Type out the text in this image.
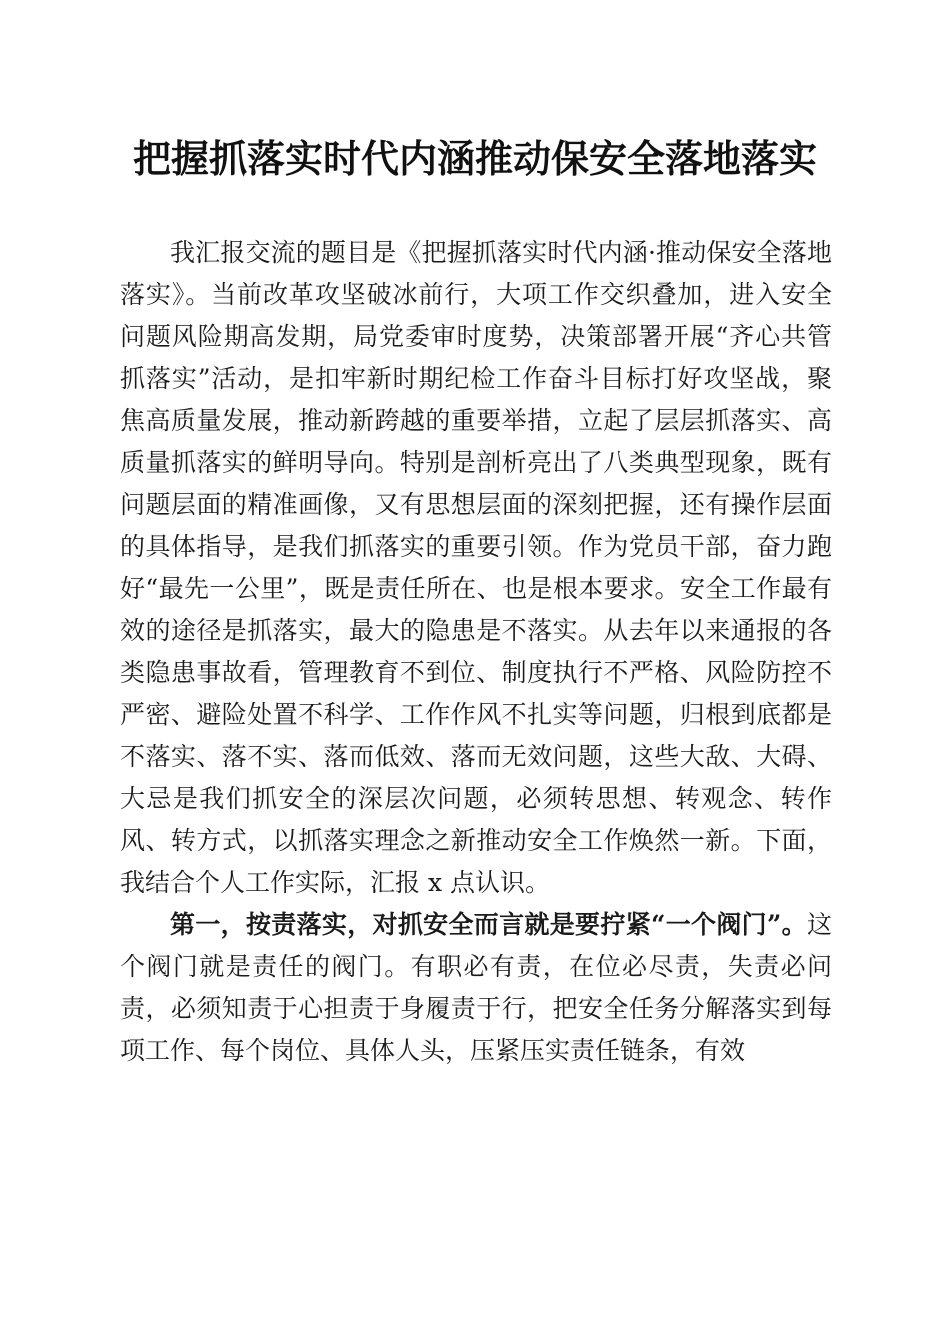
把握抓落实时代内涵推动保安全落地落实

我汇报交流的题目是《把握抓落实时代内涵·推动保安全落地落实》。当前改革攻坚破冰前行，大项工作交织叠加，进入安全问题风险期高发期，局党委审时度势，决策部署开展“齐心共管抓落实”活动，是扣牢新时期纪检工作奋斗目标打好攻坚战，聚焦高质量发展，推动新跨越的重要举措，立起了层层抓落实、高质量抓落实的鲜明导向。特别是剖析亮出了八类典型现象，既有问题层面的精准画像，又有思想层面的深刻把握，还有操作层面的具体指导，是我们抓落实的重要引领。作为党员干部，奋力跑好“最先一公里”，既是责任所在、也是根本要求。安全工作最有效的途径是抓落实，最大的隐患是不落实。从去年以来通报的各类隐患事故看，管理教育不到位、制度执行不严格、风险防控不严密、避险处置不科学、工作作风不扎实等问题，归根到底都是不落实、落不实、落而低效、落而无效问题，这些大敌、大碍、大忌是我们抓安全的深层次问题，必须转思想、转观念、转作风、转方式，以抓落实理念之新推动安全工作焕然一新。下面，我结合个人工作实际，汇报 x 点认识。

第一，按责落实，对抓安全而言就是要拧紧“一个阀门”。这个阀门就是责任的阀门。有职必有责，在位必尽责，失责必问责，必须知责于心担责于身履责于行，把安全任务分解落实到每项工作、每个岗位、具体人头，压紧压实责任链条，有效
